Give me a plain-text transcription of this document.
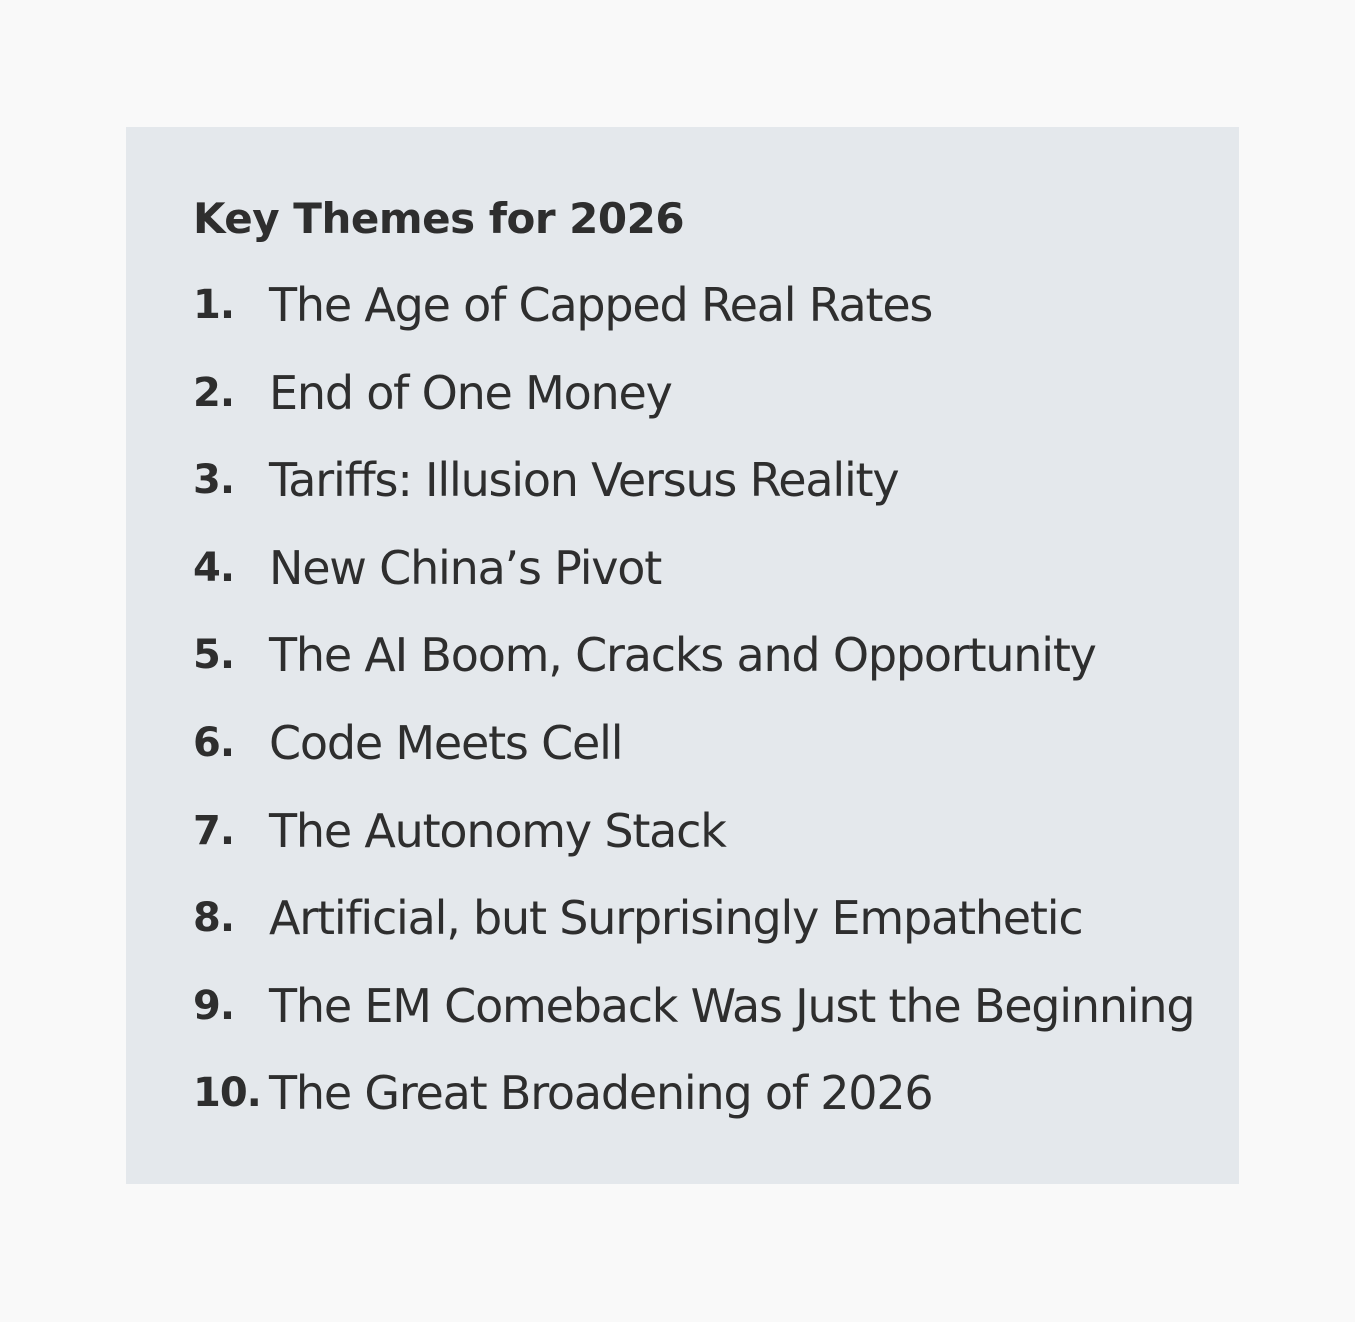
Key Themes for 2026
1. The Age of Capped Real Rates
2. End of One Money
3. Tariffs: Illusion Versus Reality
4. New China’s Pivot
5. The AI Boom, Cracks and Opportunity
6. Code Meets Cell
7. The Autonomy Stack
8. Artificial, but Surprisingly Empathetic
9. The EM Comeback Was Just the Beginning
10. The Great Broadening of 2026
